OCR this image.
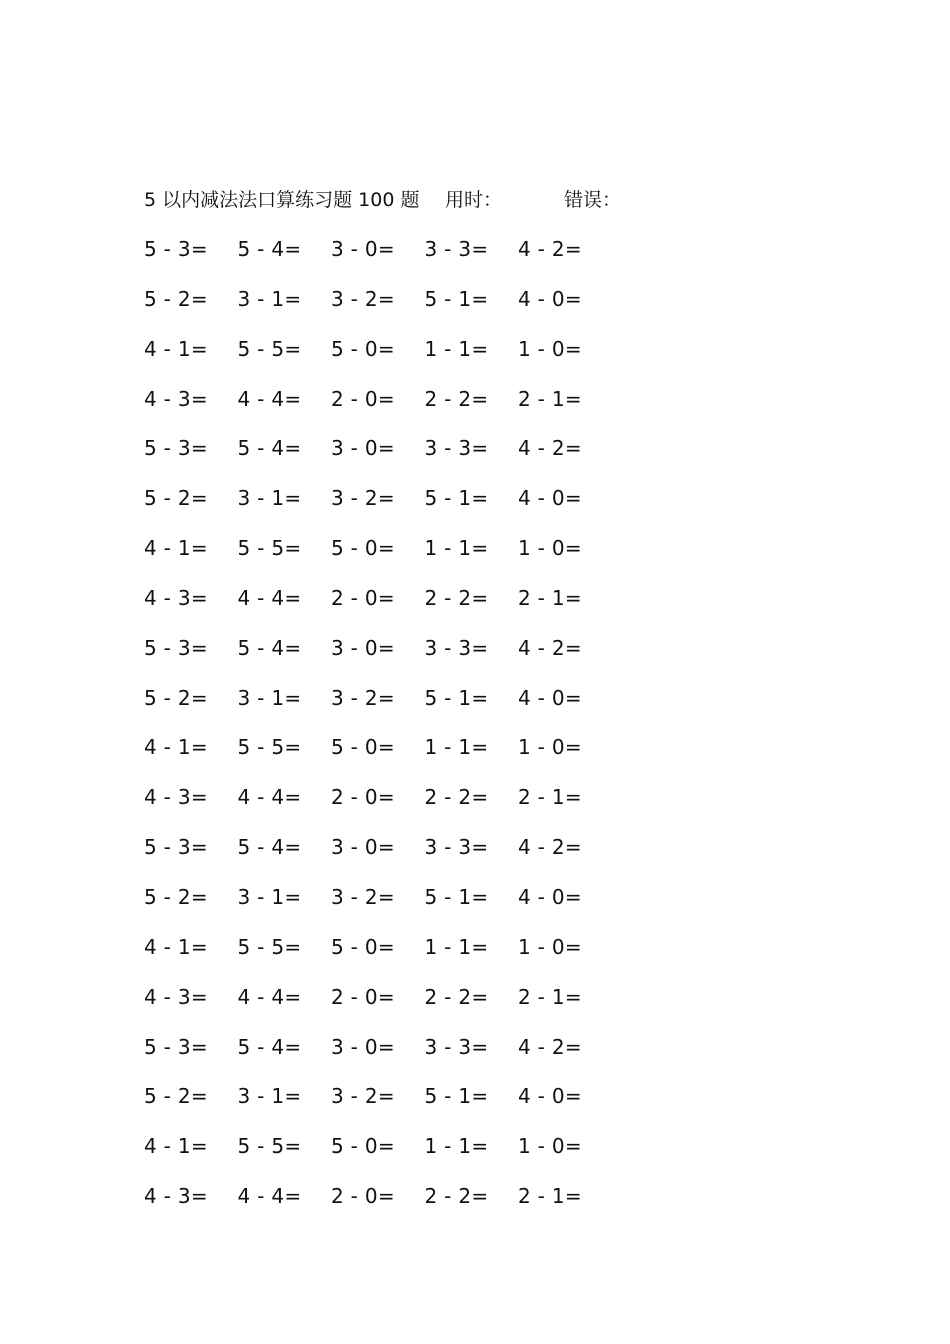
5 以内减法法口算练习题 100 题 用时：	错误：
5 - 3=	5 - 4=	3 - 0=	3 - 3=	4 - 2=
5 - 2=	3 - 1=	3 - 2=	5 - 1=	4 - 0=
4 - 1=	5 - 5=	5 - 0=	1 - 1=	1 - 0=
4 - 3=	4 - 4=	2 - 0=	2 - 2=	2 - 1=
5 - 3=	5 - 4=	3 - 0=	3 - 3=	4 - 2=
5 - 2=	3 - 1=	3 - 2=	5 - 1=	4 - 0=
4 - 1=	5 - 5=	5 - 0=	1 - 1=	1 - 0=
4 - 3=	4 - 4=	2 - 0=	2 - 2=	2 - 1=
5 - 3=	5 - 4=	3 - 0=	3 - 3=	4 - 2=
5 - 2=	3 - 1=	3 - 2=	5 - 1=	4 - 0=
4 - 1=	5 - 5=	5 - 0=	1 - 1=	1 - 0=
4 - 3=	4 - 4=	2 - 0=	2 - 2=	2 - 1=
5 - 3=	5 - 4=	3 - 0=	3 - 3=	4 - 2=
5 - 2=	3 - 1=	3 - 2=	5 - 1=	4 - 0=
4 - 1=	5 - 5=	5 - 0=	1 - 1=	1 - 0=
4 - 3=	4 - 4=	2 - 0=	2 - 2=	2 - 1=
5 - 3=	5 - 4=	3 - 0=	3 - 3=	4 - 2=
5 - 2=	3 - 1=	3 - 2=	5 - 1=	4 - 0=
4 - 1=	5 - 5=	5 - 0=	1 - 1=	1 - 0=
4 - 3=	4 - 4=	2 - 0=	2 - 2=	2 - 1=
